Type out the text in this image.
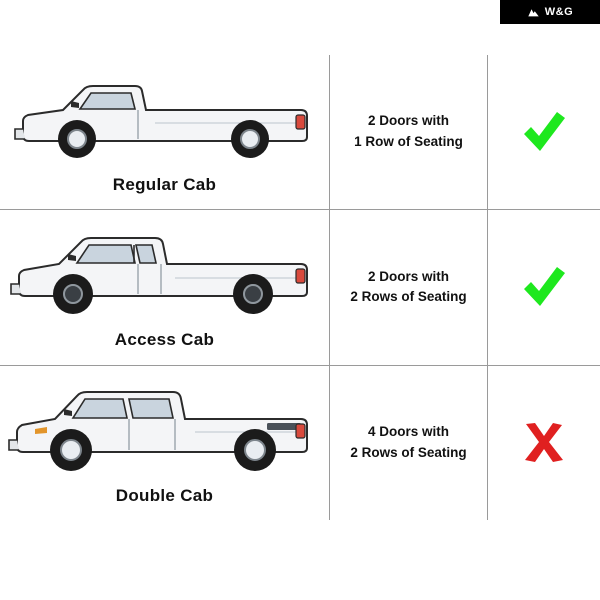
W&G
Regular Cab
2 Doors with
1 Row of Seating
Access Cab
2 Doors with
2 Rows of Seating
Double Cab
4 Doors with
2 Rows of Seating
